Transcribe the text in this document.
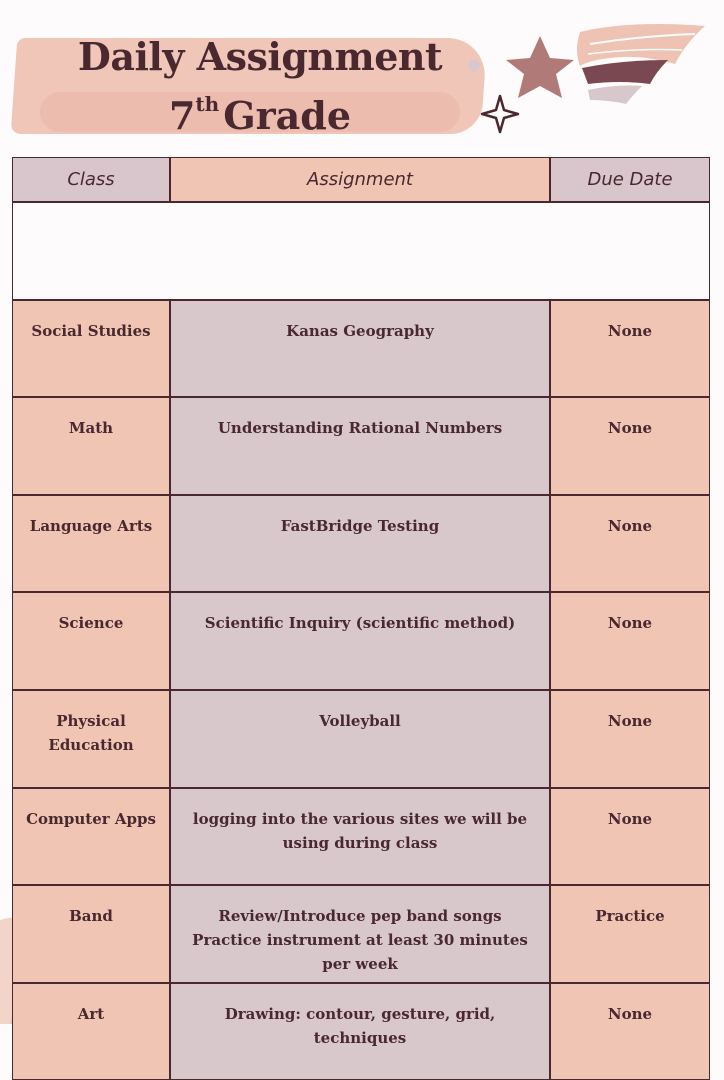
Daily Assignment
7th Grade
Class	Assignment	Due Date

Social Studies	Kanas Geography	None
Math	Understanding Rational Numbers	None
Language Arts	FastBridge Testing	None
Science	Scientific Inquiry (scientific method)	None
Physical Education	Volleyball	None
Computer Apps	logging into the various sites we will be using during class	None
Band	Review/Introduce pep band songs Practice instrument at least 30 minutes per week	Practice
Art	Drawing: contour, gesture, grid, techniques	None
